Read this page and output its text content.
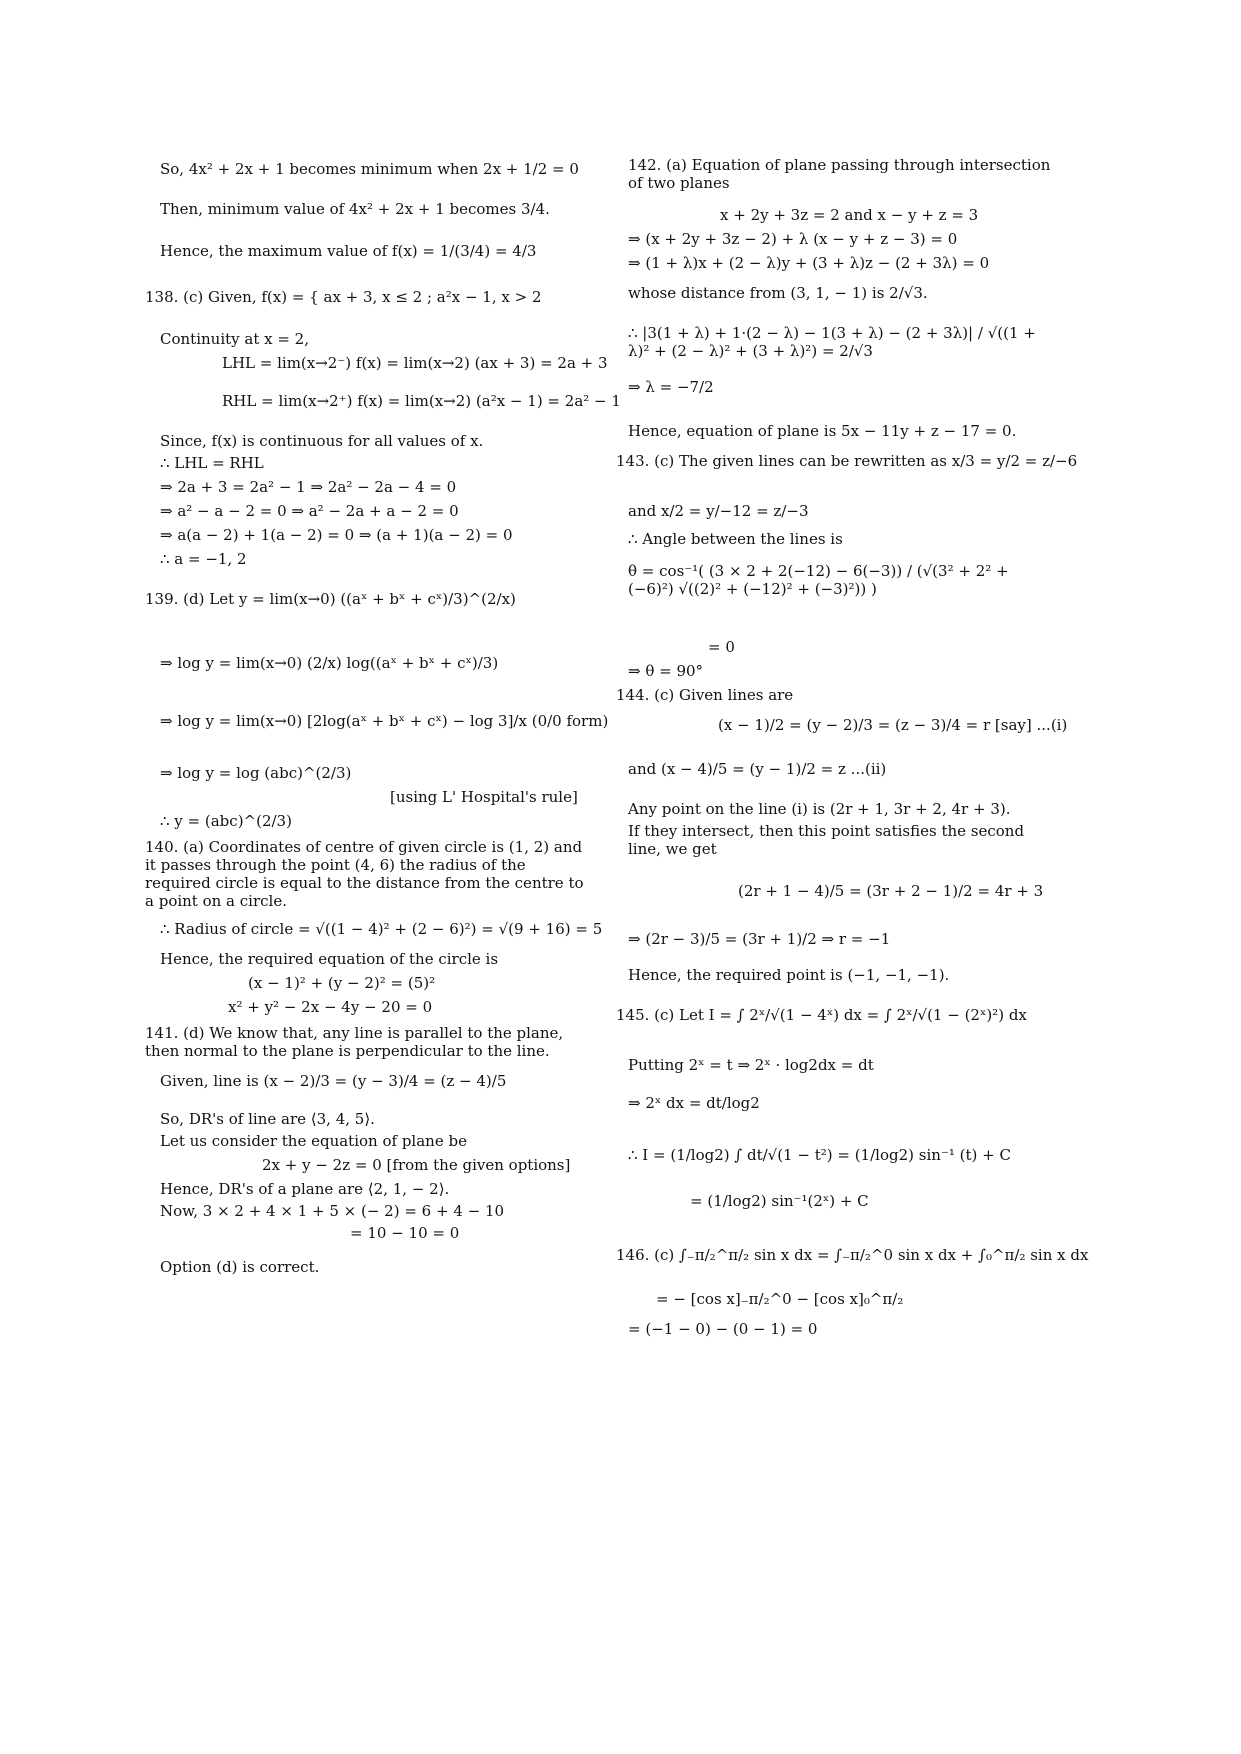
So, 4x² + 2x + 1 becomes minimum when 2x + 1/2 = 0
Then, minimum value of 4x² + 2x + 1 becomes 3/4.
Hence, the maximum value of f(x) = 1/(3/4) = 4/3
138. (c) Given, f(x) = { ax + 3, x ≤ 2 ; a²x − 1, x > 2
Continuity at x = 2,
LHL = lim(x→2⁻) f(x) = lim(x→2) (ax + 3) = 2a + 3
RHL = lim(x→2⁺) f(x) = lim(x→2) (a²x − 1) = 2a² − 1
Since, f(x) is continuous for all values of x.
∴ LHL = RHL
⇒ 2a + 3 = 2a² − 1 ⇒ 2a² − 2a − 4 = 0
⇒ a² − a − 2 = 0 ⇒ a² − 2a + a − 2 = 0
⇒ a(a − 2) + 1(a − 2) = 0 ⇒ (a + 1)(a − 2) = 0
∴ a = −1, 2
139. (d) Let y = lim(x→0) ((aˣ + bˣ + cˣ)/3)^(2/x)
⇒ log y = lim(x→0) (2/x) log((aˣ + bˣ + cˣ)/3)
⇒ log y = lim(x→0) [2log(aˣ + bˣ + cˣ) − log 3]/x (0/0 form)
⇒ log y = log (abc)^(2/3)
[using L' Hospital's rule]
∴ y = (abc)^(2/3)
140. (a) Coordinates of centre of given circle is (1, 2) and it passes through the point (4, 6) the radius of the required circle is equal to the distance from the centre to a point on a circle.
∴ Radius of circle = √((1 − 4)² + (2 − 6)²) = √(9 + 16) = 5
Hence, the required equation of the circle is
(x − 1)² + (y − 2)² = (5)²
x² + y² − 2x − 4y − 20 = 0
141. (d) We know that, any line is parallel to the plane, then normal to the plane is perpendicular to the line.
Given, line is (x − 2)/3 = (y − 3)/4 = (z − 4)/5
So, DR's of line are ⟨3, 4, 5⟩.
Let us consider the equation of plane be
2x + y − 2z = 0 [from the given options]
Hence, DR's of a plane are ⟨2, 1, − 2⟩.
Now, 3 × 2 + 4 × 1 + 5 × (− 2) = 6 + 4 − 10
= 10 − 10 = 0
Option (d) is correct.
142. (a) Equation of plane passing through intersection of two planes
x + 2y + 3z = 2 and x − y + z = 3
⇒ (x + 2y + 3z − 2) + λ (x − y + z − 3) = 0
⇒ (1 + λ)x + (2 − λ)y + (3 + λ)z − (2 + 3λ) = 0
whose distance from (3, 1, − 1) is 2/√3.
∴ |3(1 + λ) + 1·(2 − λ) − 1(3 + λ) − (2 + 3λ)| / √((1 + λ)² + (2 − λ)² + (3 + λ)²) = 2/√3
⇒ λ = −7/2
Hence, equation of plane is 5x − 11y + z − 17 = 0.
143. (c) The given lines can be rewritten as x/3 = y/2 = z/−6
and x/2 = y/−12 = z/−3
∴ Angle between the lines is
θ = cos⁻¹( (3 × 2 + 2(−12) − 6(−3)) / (√(3² + 2² + (−6)²) √((2)² + (−12)² + (−3)²)) )
= 0
⇒ θ = 90°
144. (c) Given lines are
(x − 1)/2 = (y − 2)/3 = (z − 3)/4 = r [say] ...(i)
and (x − 4)/5 = (y − 1)/2 = z ...(ii)
Any point on the line (i) is (2r + 1, 3r + 2, 4r + 3).
If they intersect, then this point satisfies the second line, we get
(2r + 1 − 4)/5 = (3r + 2 − 1)/2 = 4r + 3
⇒ (2r − 3)/5 = (3r + 1)/2 ⇒ r = −1
Hence, the required point is (−1, −1, −1).
145. (c) Let I = ∫ 2ˣ/√(1 − 4ˣ) dx = ∫ 2ˣ/√(1 − (2ˣ)²) dx
Putting 2ˣ = t ⇒ 2ˣ · log2dx = dt
⇒ 2ˣ dx = dt/log2
∴ I = (1/log2) ∫ dt/√(1 − t²) = (1/log2) sin⁻¹ (t) + C
= (1/log2) sin⁻¹(2ˣ) + C
146. (c) ∫₋π/₂^π/₂ sin x dx = ∫₋π/₂^0 sin x dx + ∫₀^π/₂ sin x dx
= − [cos x]₋π/₂^0 − [cos x]₀^π/₂
= (−1 − 0) − (0 − 1) = 0
